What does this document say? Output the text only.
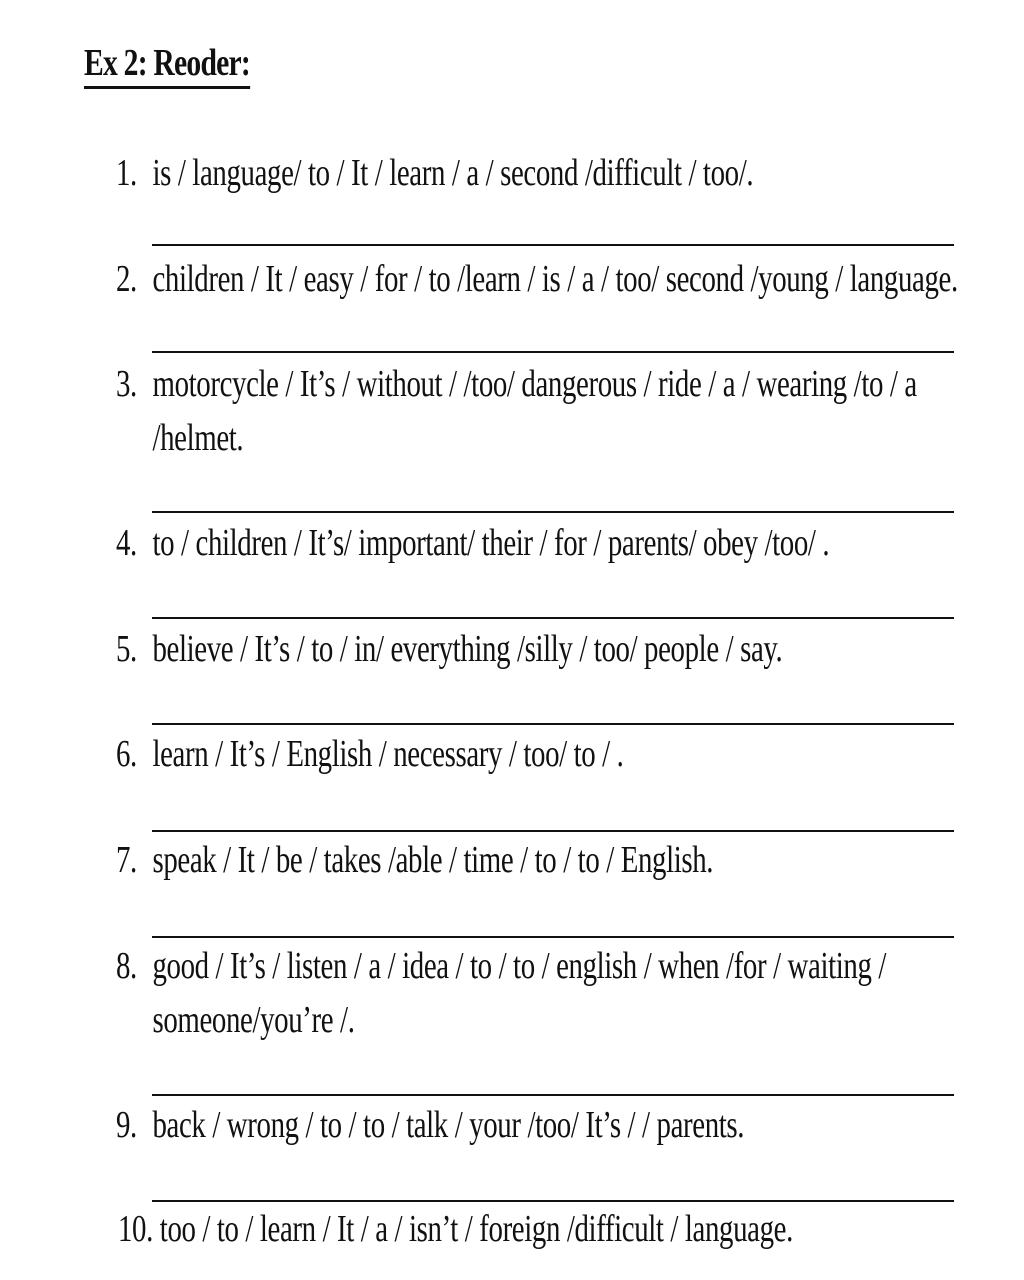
Ex 2: Reoder:
1. is / language/ to / It / learn / a / second /difficult / too/.
2. children / It / easy / for / to /learn / is / a / too/ second /young / language.
3. motorcycle / It’s / without / /too/ dangerous / ride / a / wearing /to / a
/helmet.
4. to / children / It’s/ important/ their / for / parents/ obey /too/ .
5. believe / It’s / to / in/ everything /silly / too/ people / say.
6. learn / It’s / English / necessary / too/ to / .
7. speak / It / be / takes /able / time / to / to / English.
8. good / It’s / listen / a / idea / to / to / english / when /for / waiting /
someone/you’re /.
9. back / wrong / to / to / talk / your /too/ It’s / / parents.
10. too / to / learn / It / a / isn’t / foreign /difficult / language.
